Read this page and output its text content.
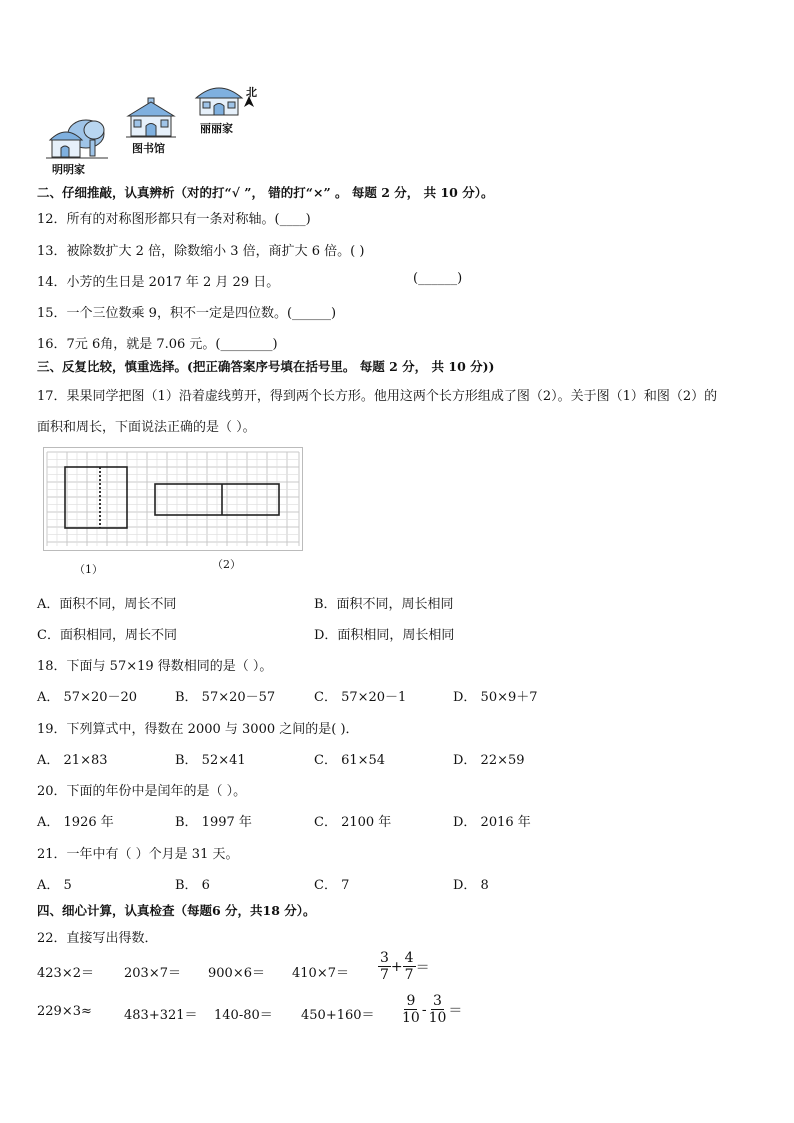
明明家
图书馆
丽丽家
北
二、仔细推敲，认真辨析（对的打“√ ”， 错的打“×” 。 每题 2 分， 共 10 分）。
12．所有的对称图形都只有一条对称轴。(____)
13．被除数扩大 2 倍，除数缩小 3 倍，商扩大 6 倍。( )
14．小芳的生日是 2017 年 2 月 29 日。	(______)
15．一个三位数乘 9，积不一定是四位数。(______)
16．7元 6角，就是 7.06 元。(________)
三、反复比较，慎重选择。(把正确答案序号填在括号里。 每题 2 分， 共 10 分))
17．果果同学把图（1）沿着虚线剪开，得到两个长方形。他用这两个长方形组成了图（2）。关于图（1）和图（2）的
面积和周长，下面说法正确的是（ ）。
（1）	（2）
A．面积不同，周长不同	B．面积不同，周长相同
C．面积相同，周长不同	D．面积相同，周长相同
18．下面与 57×19 得数相同的是（ ）。
A． 57×20－20	B． 57×20－57	C． 57×20－1	D． 50×9＋7
19．下列算式中，得数在 2000 与 3000 之间的是( )．
A． 21×83	B． 52×41	C． 61×54	D． 22×59
20．下面的年份中是闰年的是（ ）。
A． 1926 年	B． 1997 年	C． 2100 年	D． 2016 年
21．一年中有（ ）个月是 31 天。
A． 5	B． 6	C． 7	D． 8
四、细心计算，认真检查（每题6 分，共18 分）。
22．直接写出得数．
$423\times 2= 203\times 7= 900\times 6= 410\times 7= \frac{3}{7} + \frac{4}{7}$ ＝
$229\times 3\approx 483+321= 140-80= 450+160= \frac{9}{10} - \frac{3}{10}$ ＝
